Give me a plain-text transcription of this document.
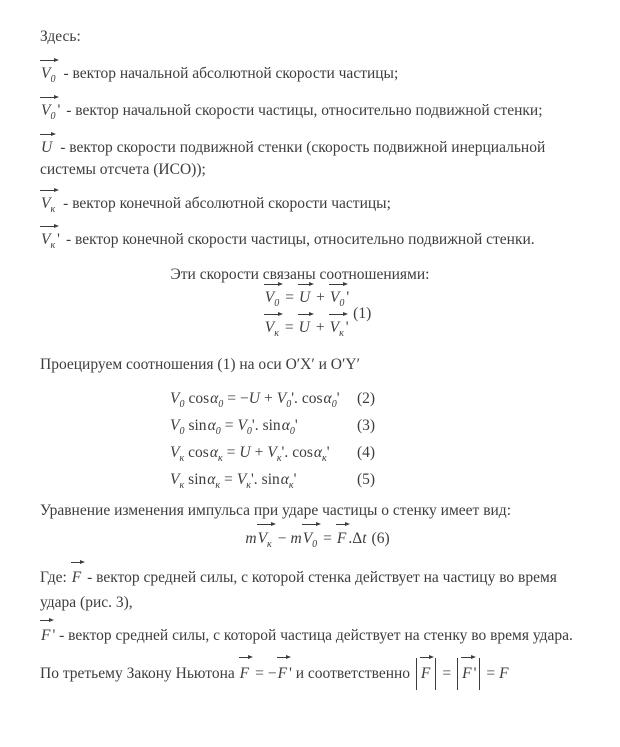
Здесь:

$V_0$ - вектор начальной абсолютной скорости частицы;

$V_0$ ' - вектор начальной скорости частицы, относительно подвижной стенки;

U - вектор скорости подвижной стенки (скорость подвижной инерциальной системы отсчета (ИСО));

$V_к$ - вектор конечной абсолютной скорости частицы;

$V_к$ ' - вектор конечной скорости частицы, относительно подвижной стенки.

Эти скорости связаны соотношениями:

$V_0 = U + V_0$ '
$V_к = U + V_к$ '
(1)

Проецируем соотношения (1) на оси O′X′ и O′Y′

$V_0$ $\cos\alpha_0 = -U + V_0'$. cosα$_0$' (2)
$V_0$ $\sin\alpha_0 = V_0'$. sinα$_0$'	(3)
$V_к$ $\cos\alpha_к = U + V_к'$. cosα$_к$' (4)
$V_к$ $\sin\alpha_к = V_к'$. sinα$_к$'	(5)

Уравнение изменения импульса при ударе частицы о стенку имеет вид:

$mV_к - mV_0 = F$ .Δt (6)

Где: F - вектор средней силы, с которой стенка действует на частицу во время удара (рис. 3),

F ' - вектор средней силы, с которой частица действует на стенку во время удара.

По третьему Закону Ньютона F = −F ' и соответственно F = F ' = F
